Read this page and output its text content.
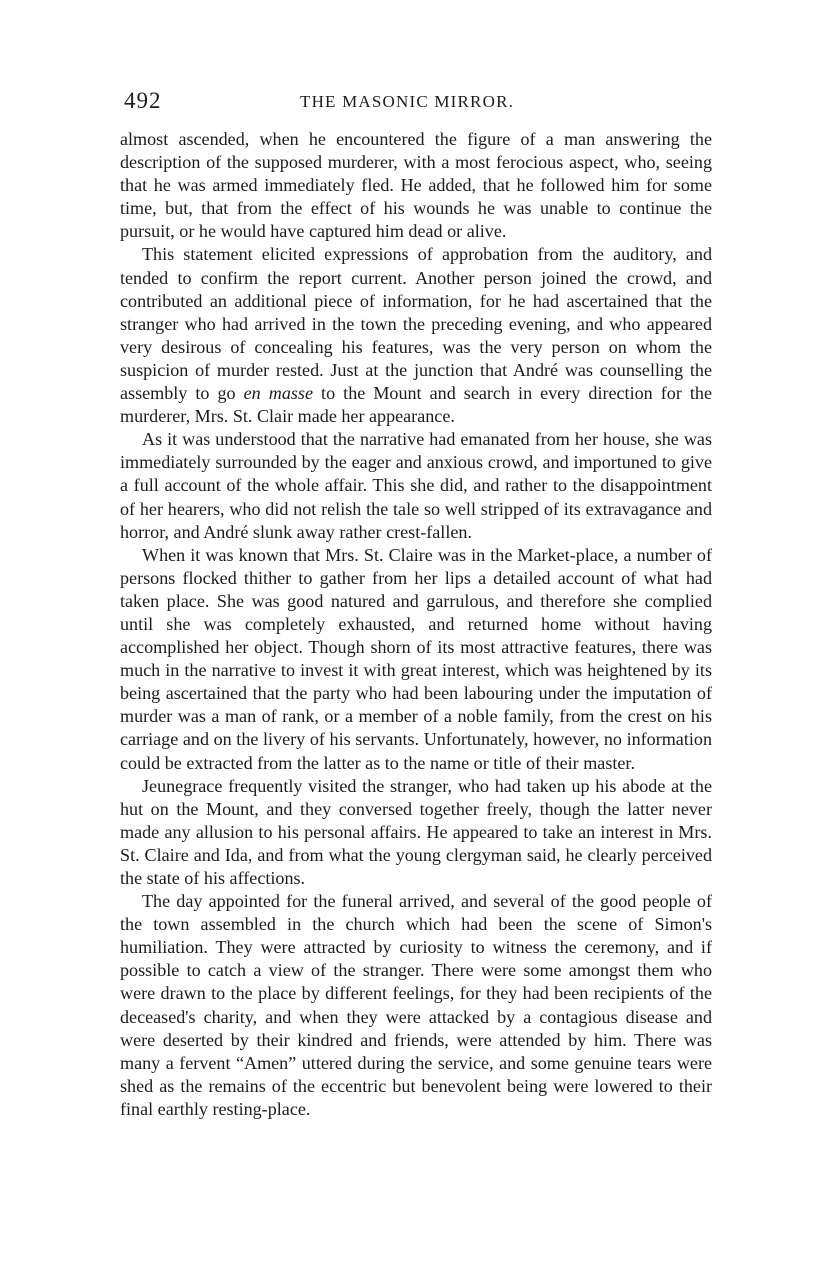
492	THE MASONIC MIRROR.

almost ascended, when he encountered the figure of a man answering the description of the supposed murderer, with a most ferocious aspect, who, seeing that he was armed immediately fled. He added, that he followed him for some time, but, that from the effect of his wounds he was unable to continue the pursuit, or he would have captured him dead or alive.

This statement elicited expressions of approbation from the auditory, and tended to confirm the report current. Another person joined the crowd, and contributed an additional piece of information, for he had ascertained that the stranger who had arrived in the town the preceding evening, and who appeared very desirous of concealing his features, was the very person on whom the suspicion of murder rested. Just at the junction that André was counselling the assembly to go en masse to the Mount and search in every direction for the murderer, Mrs. St. Clair made her appearance.

As it was understood that the narrative had emanated from her house, she was immediately surrounded by the eager and anxious crowd, and importuned to give a full account of the whole affair. This she did, and rather to the disappointment of her hearers, who did not relish the tale so well stripped of its extravagance and horror, and André slunk away rather crest-fallen.

When it was known that Mrs. St. Claire was in the Market-place, a number of persons flocked thither to gather from her lips a detailed account of what had taken place. She was good natured and garrulous, and therefore she complied until she was completely exhausted, and returned home without having accomplished her object. Though shorn of its most attractive features, there was much in the narrative to invest it with great interest, which was heightened by its being ascertained that the party who had been labouring under the imputation of murder was a man of rank, or a member of a noble family, from the crest on his carriage and on the livery of his servants. Unfortunately, however, no information could be extracted from the latter as to the name or title of their master.

Jeunegrace frequently visited the stranger, who had taken up his abode at the hut on the Mount, and they conversed together freely, though the latter never made any allusion to his personal affairs. He appeared to take an interest in Mrs. St. Claire and Ida, and from what the young clergyman said, he clearly perceived the state of his affections.

The day appointed for the funeral arrived, and several of the good people of the town assembled in the church which had been the scene of Simon's humiliation. They were attracted by curiosity to witness the ceremony, and if possible to catch a view of the stranger. There were some amongst them who were drawn to the place by different feelings, for they had been recipients of the deceased's charity, and when they were attacked by a contagious disease and were deserted by their kindred and friends, were attended by him. There was many a fervent “Amen” uttered during the service, and some genuine tears were shed as the remains of the eccentric but benevolent being were lowered to their final earthly resting-place.
